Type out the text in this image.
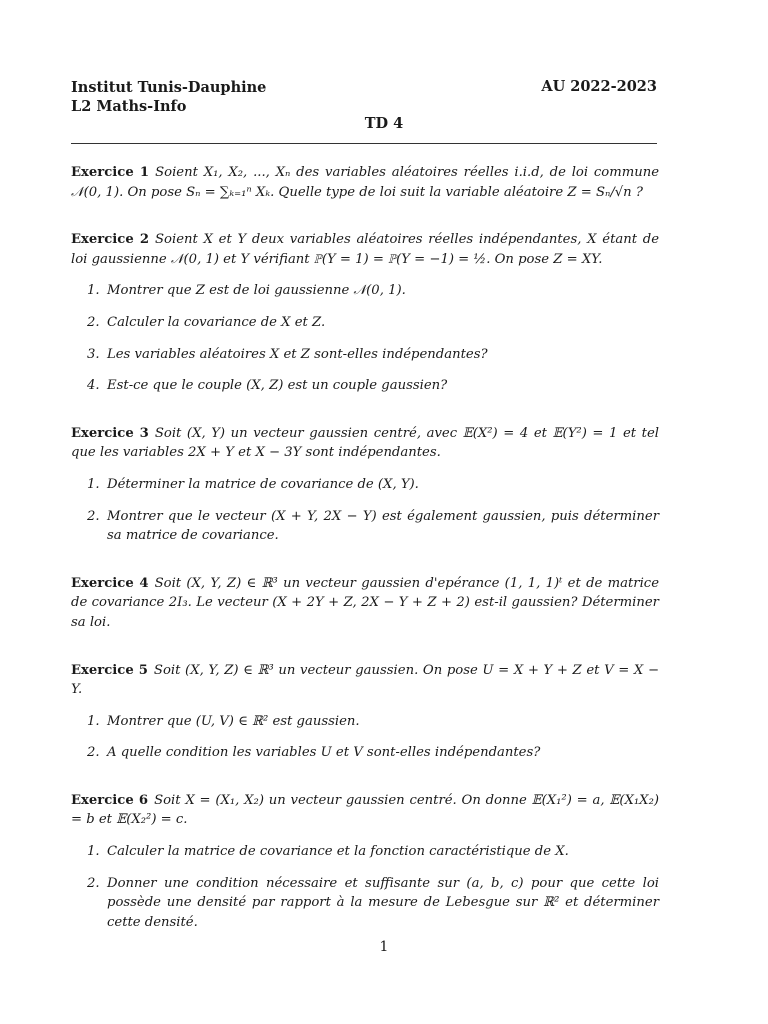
Institut Tunis-Dauphine
L2 Maths-Info
AU 2022-2023
TD 4
Exercice 1 Soient X₁, X₂, ..., Xₙ des variables aléatoires réelles i.i.d, de loi commune 𝒩(0, 1). On pose Sₙ = ∑ₖ₌₁ⁿ Xₖ. Quelle type de loi suit la variable aléatoire Z = Sₙ/√n ?
Exercice 2 Soient X et Y deux variables aléatoires réelles indépendantes, X étant de loi gaussienne 𝒩(0, 1) et Y vérifiant ℙ(Y = 1) = ℙ(Y = −1) = ½. On pose Z = XY.
1. Montrer que Z est de loi gaussienne 𝒩(0, 1).
2. Calculer la covariance de X et Z.
3. Les variables aléatoires X et Z sont-elles indépendantes?
4. Est-ce que le couple (X, Z) est un couple gaussien?
Exercice 3 Soit (X, Y) un vecteur gaussien centré, avec 𝔼(X²) = 4 et 𝔼(Y²) = 1 et tel que les variables 2X + Y et X − 3Y sont indépendantes.
1. Déterminer la matrice de covariance de (X, Y).
2. Montrer que le vecteur (X + Y, 2X − Y) est également gaussien, puis déterminer sa matrice de covariance.
Exercice 4 Soit (X, Y, Z) ∈ ℝ³ un vecteur gaussien d'epérance (1, 1, 1)ᵗ et de matrice de covariance 2I₃. Le vecteur (X + 2Y + Z, 2X − Y + Z + 2) est-il gaussien? Déterminer sa loi.
Exercice 5 Soit (X, Y, Z) ∈ ℝ³ un vecteur gaussien. On pose U = X + Y + Z et V = X − Y.
1. Montrer que (U, V) ∈ ℝ² est gaussien.
2. A quelle condition les variables U et V sont-elles indépendantes?
Exercice 6 Soit X = (X₁, X₂) un vecteur gaussien centré. On donne 𝔼(X₁²) = a, 𝔼(X₁X₂) = b et 𝔼(X₂²) = c.
1. Calculer la matrice de covariance et la fonction caractéristique de X.
2. Donner une condition nécessaire et suffisante sur (a, b, c) pour que cette loi possède une densité par rapport à la mesure de Lebesgue sur ℝ² et déterminer cette densité.
1
